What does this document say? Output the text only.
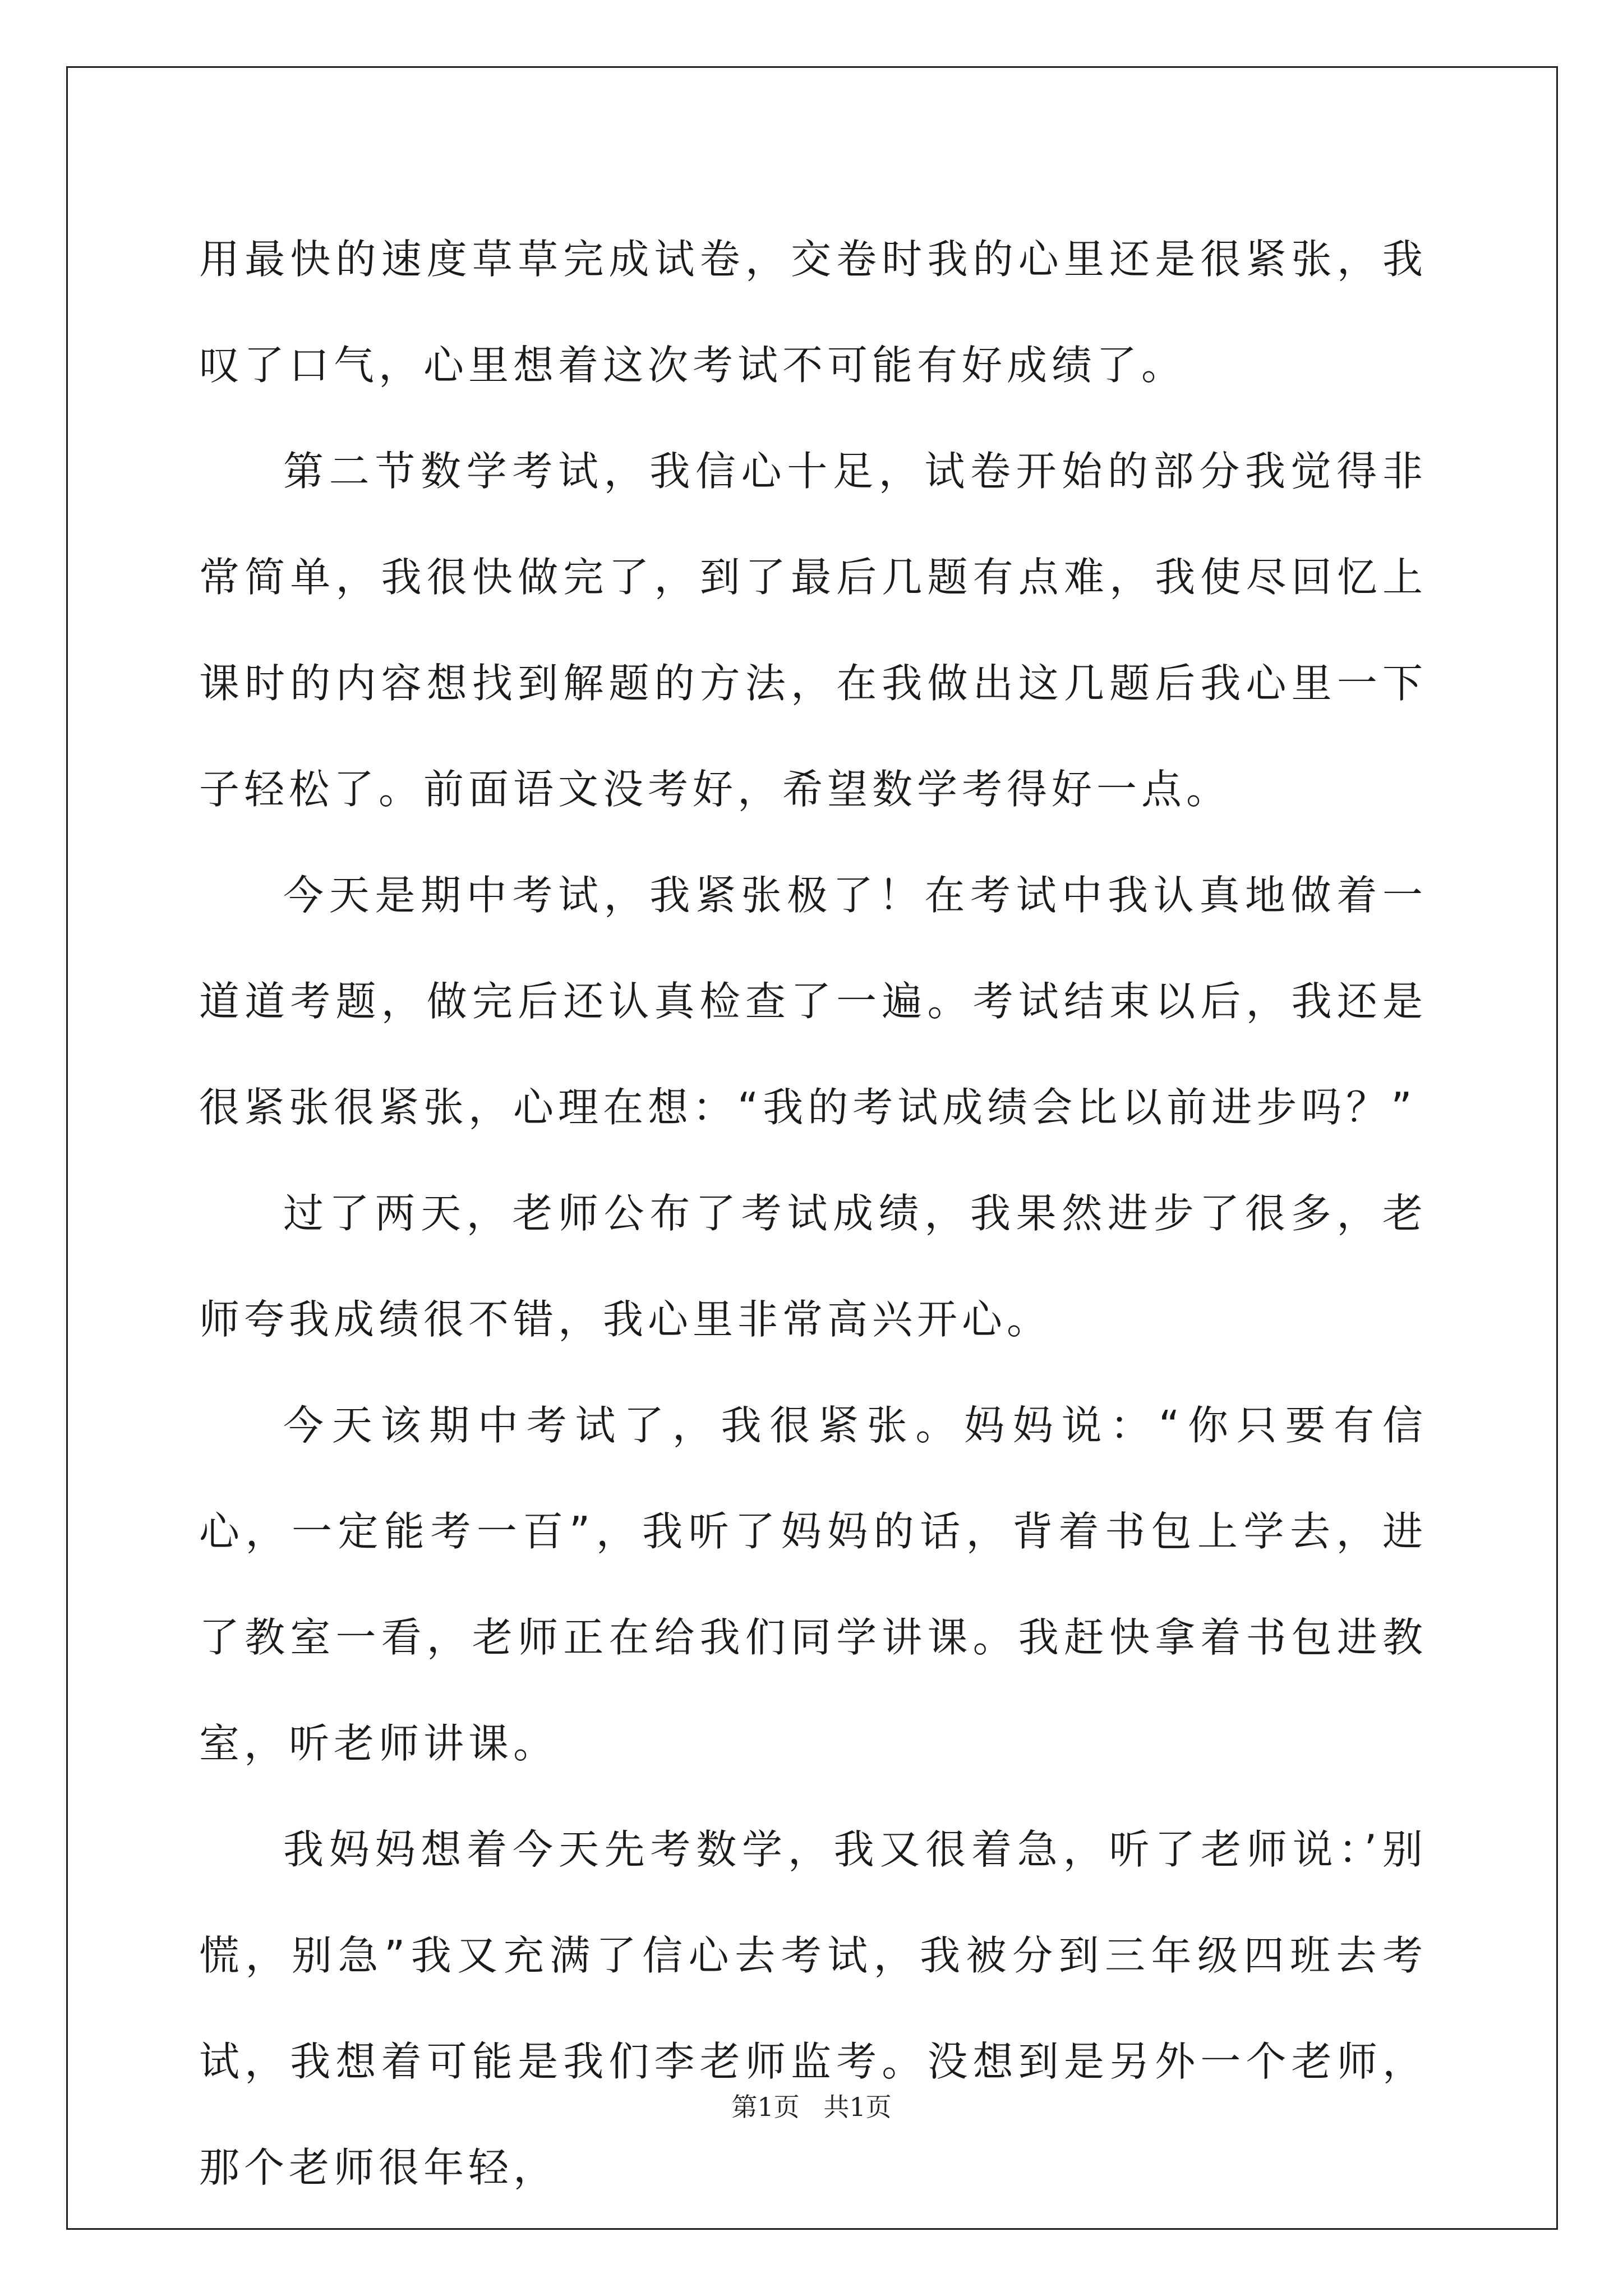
用最快的速度草草完成试卷，交卷时我的心里还是很紧张，我叹了口气，心里想着这次考试不可能有好成绩了。

第二节数学考试，我信心十足，试卷开始的部分我觉得非常简单，我很快做完了，到了最后几题有点难，我使尽回忆上课时的内容想找到解题的方法，在我做出这几题后我心里一下子轻松了。前面语文没考好，希望数学考得好一点。

今天是期中考试，我紧张极了！在考试中我认真地做着一道道考题，做完后还认真检查了一遍。考试结束以后，我还是很紧张很紧张，心理在想：“我的考试成绩会比以前进步吗？”

过了两天，老师公布了考试成绩，我果然进步了很多，老师夸我成绩很不错，我心里非常高兴开心。

今天该期中考试了，我很紧张。妈妈说：“你只要有信心，一定能考一百”，我听了妈妈的话，背着书包上学去，进了教室一看，老师正在给我们同学讲课。我赶快拿着书包进教室，听老师讲课。

我妈妈想着今天先考数学，我又很着急，听了老师说：’别慌，别急”我又充满了信心去考试，我被分到三年级四班去考试，我想着可能是我们李老师监考。没想到是另外一个老师，那个老师很年轻，

第1页 共1页
